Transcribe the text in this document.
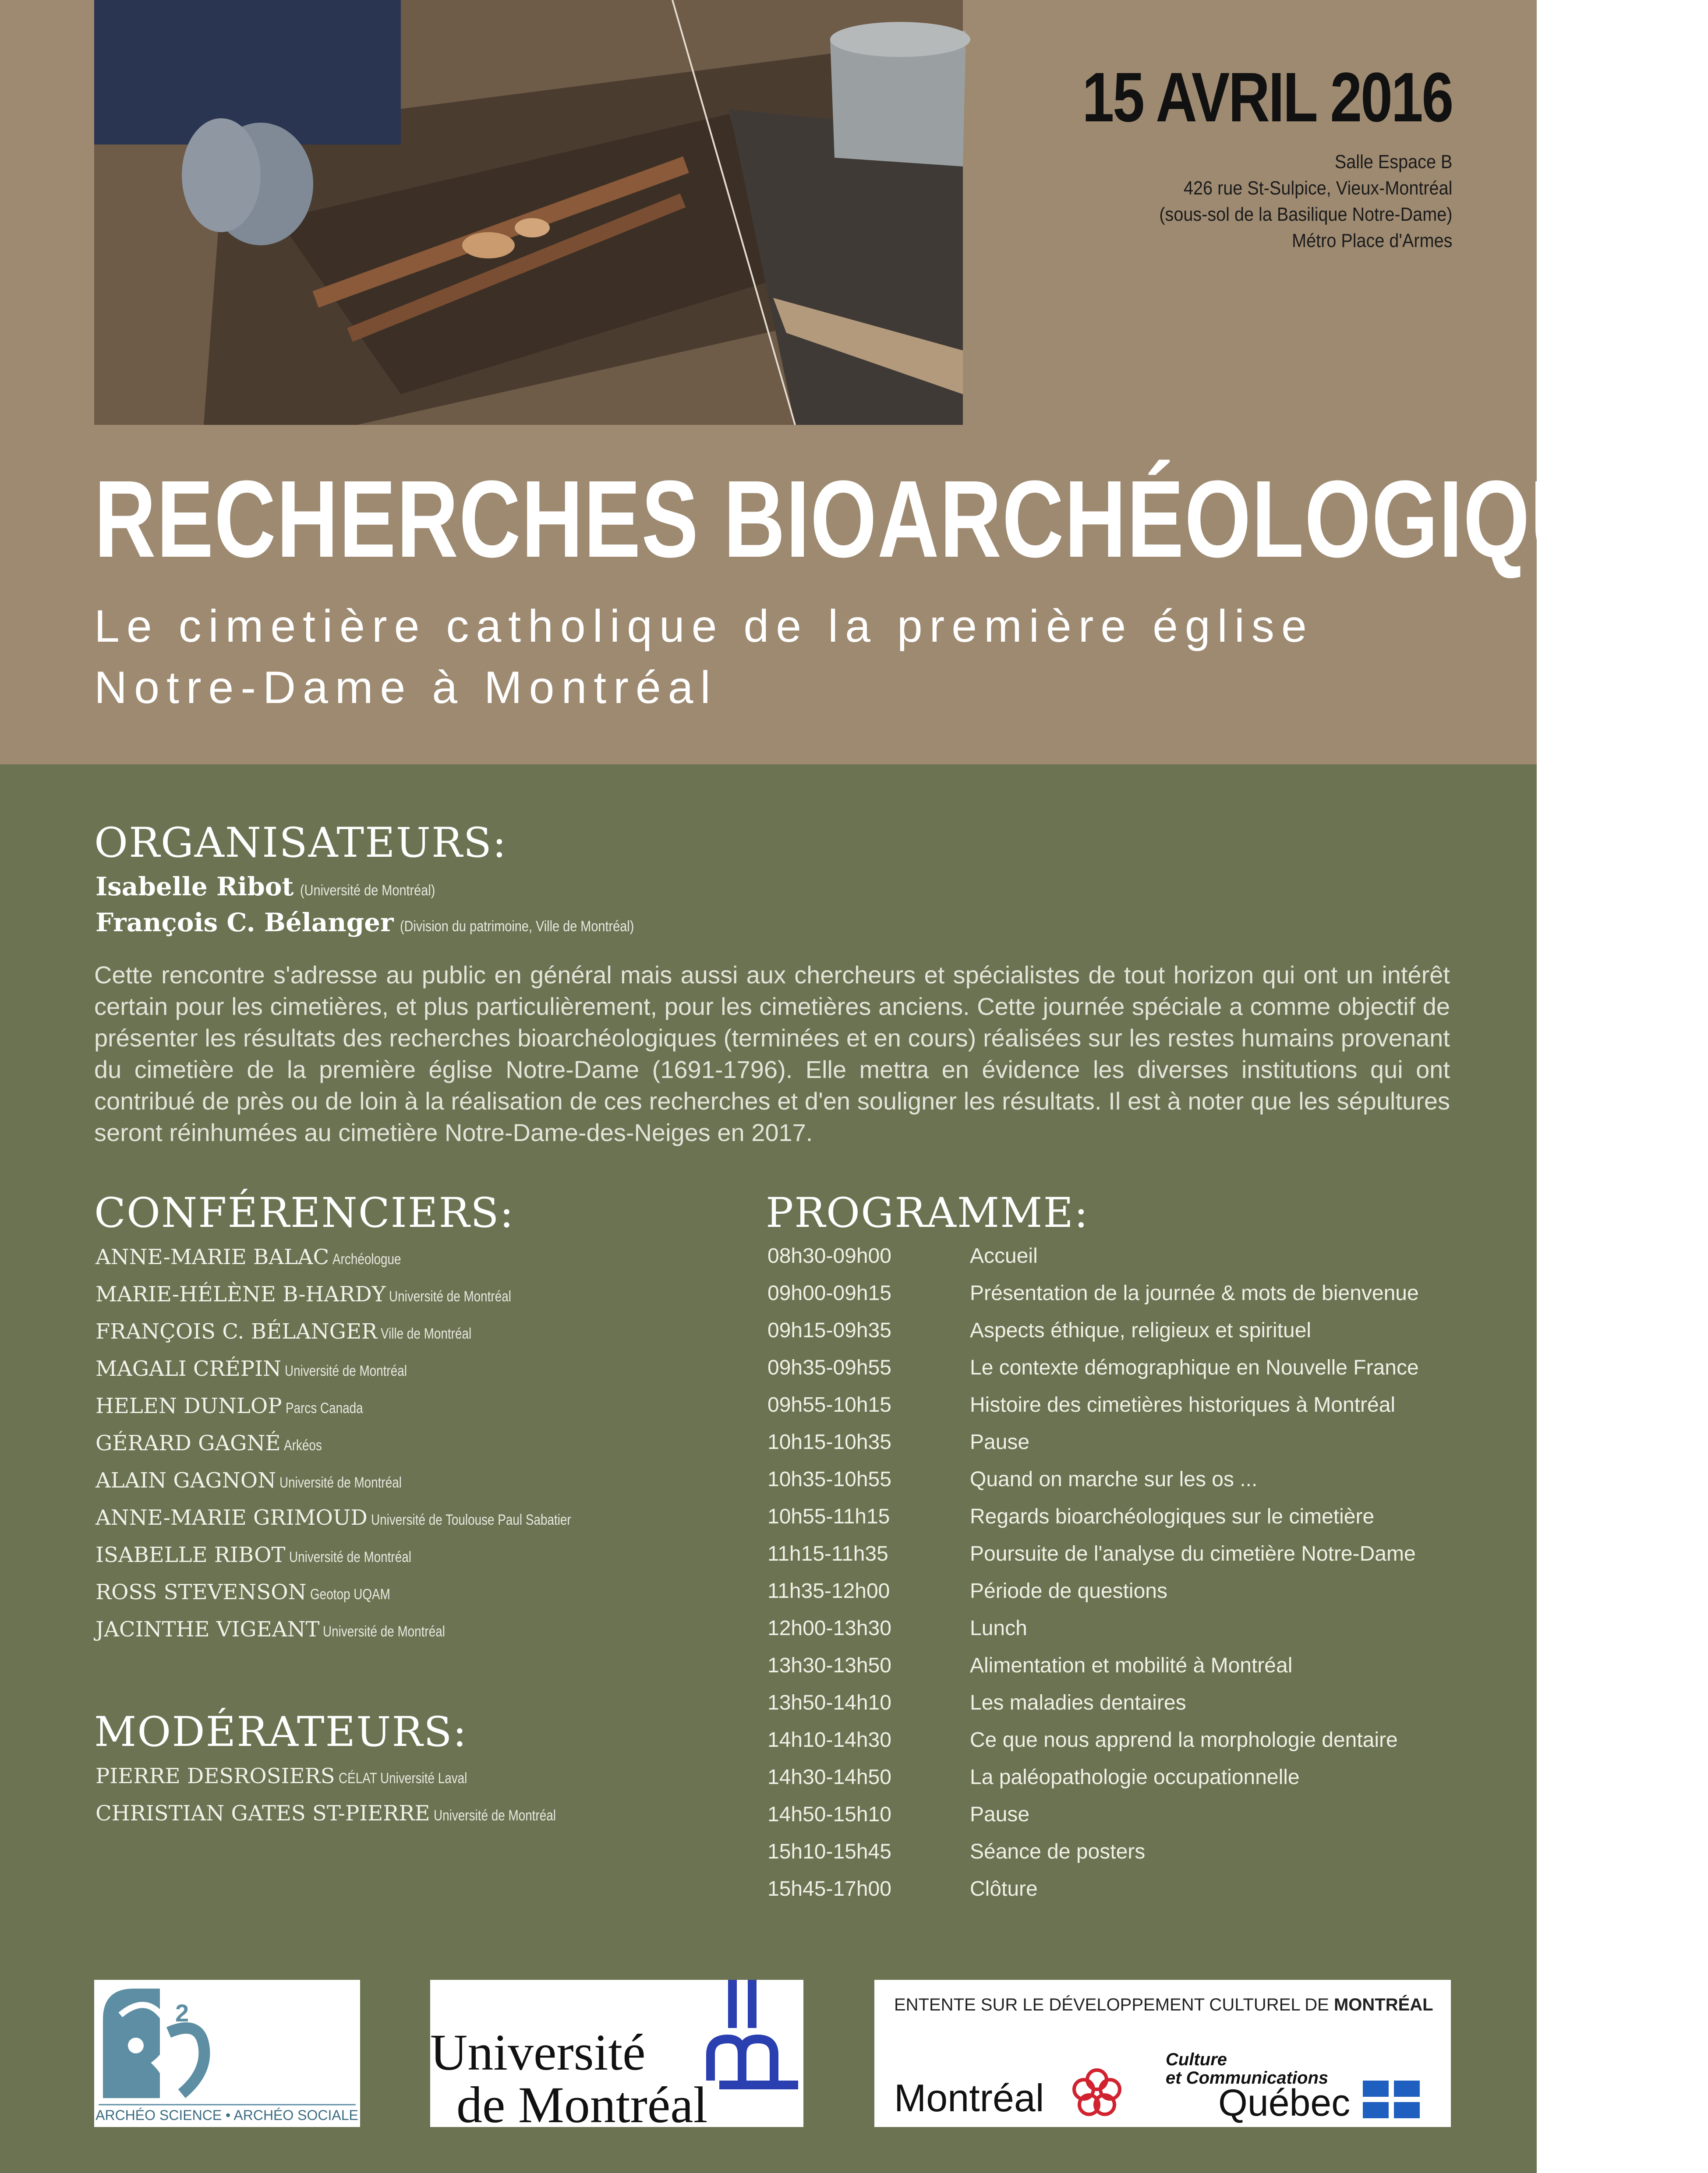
15 AVRIL 2016
Salle Espace B
426 rue St-Sulpice, Vieux-Montréal
(sous-sol de la Basilique Notre-Dame)
Métro Place d'Armes
RECHERCHES BIOARCHÉOLOGIQUES
Le cimetière catholique de la première église
Notre-Dame à Montréal
ORGANISATEURS:
Isabelle Ribot (Université de Montréal)
François C. Bélanger (Division du patrimoine, Ville de Montréal)

Cette rencontre s'adresse au public en général mais aussi aux chercheurs et spécialistes de tout horizon qui ont un intérêt certain pour les cimetières, et plus particulièrement, pour les cimetières anciens. Cette journée spéciale a comme objectif de présenter les résultats des recherches bioarchéologiques (terminées et en cours) réalisées sur les restes humains provenant du cimetière de la première église Notre-Dame (1691-1796). Elle mettra en évidence les diverses institutions qui ont contribué de près ou de loin à la réalisation de ces recherches et d'en souligner les résultats. Il est à noter que les sépultures seront réinhumées au cimetière Notre-Dame-des-Neiges en 2017.

CONFÉRENCIERS:
ANNE-MARIE BALAC Archéologue
MARIE-HÉLÈNE B-HARDY Université de Montréal
FRANÇOIS C. BÉLANGER Ville de Montréal
MAGALI CRÉPIN Université de Montréal
HELEN DUNLOP Parcs Canada
GÉRARD GAGNÉ Arkéos
ALAIN GAGNON Université de Montréal
ANNE-MARIE GRIMOUD Université de Toulouse Paul Sabatier
ISABELLE RIBOT Université de Montréal
ROSS STEVENSON Geotop UQAM
JACINTHE VIGEANT Université de Montréal
MODÉRATEURS:
PIERRE DESROSIERS CÉLAT Université Laval
CHRISTIAN GATES ST-PIERRE Université de Montréal
PROGRAMME:
08h30-09h00	Accueil
09h00-09h15	Présentation de la journée & mots de bienvenue
09h15-09h35	Aspects éthique, religieux et spirituel
09h35-09h55	Le contexte démographique en Nouvelle France
09h55-10h15	Histoire des cimetières historiques à Montréal
10h15-10h35	Pause
10h35-10h55	Quand on marche sur les os ...
10h55-11h15	Regards bioarchéologiques sur le cimetière
11h15-11h35	Poursuite de l'analyse du cimetière Notre-Dame
11h35-12h00	Période de questions
12h00-13h30	Lunch
13h30-13h50	Alimentation et mobilité à Montréal
13h50-14h10	Les maladies dentaires
14h10-14h30	Ce que nous apprend la morphologie dentaire
14h30-14h50	La paléopathologie occupationnelle
14h50-15h10	Pause
15h10-15h45	Séance de posters
15h45-17h00	Clôture
2
ARCHÉO SCIENCE • ARCHÉO SOCIALE
Université
de Montréal
ENTENTE SUR LE DÉVELOPPEMENT CULTUREL DE MONTRÉAL
Montréal
Culture
et Communications
Québec
